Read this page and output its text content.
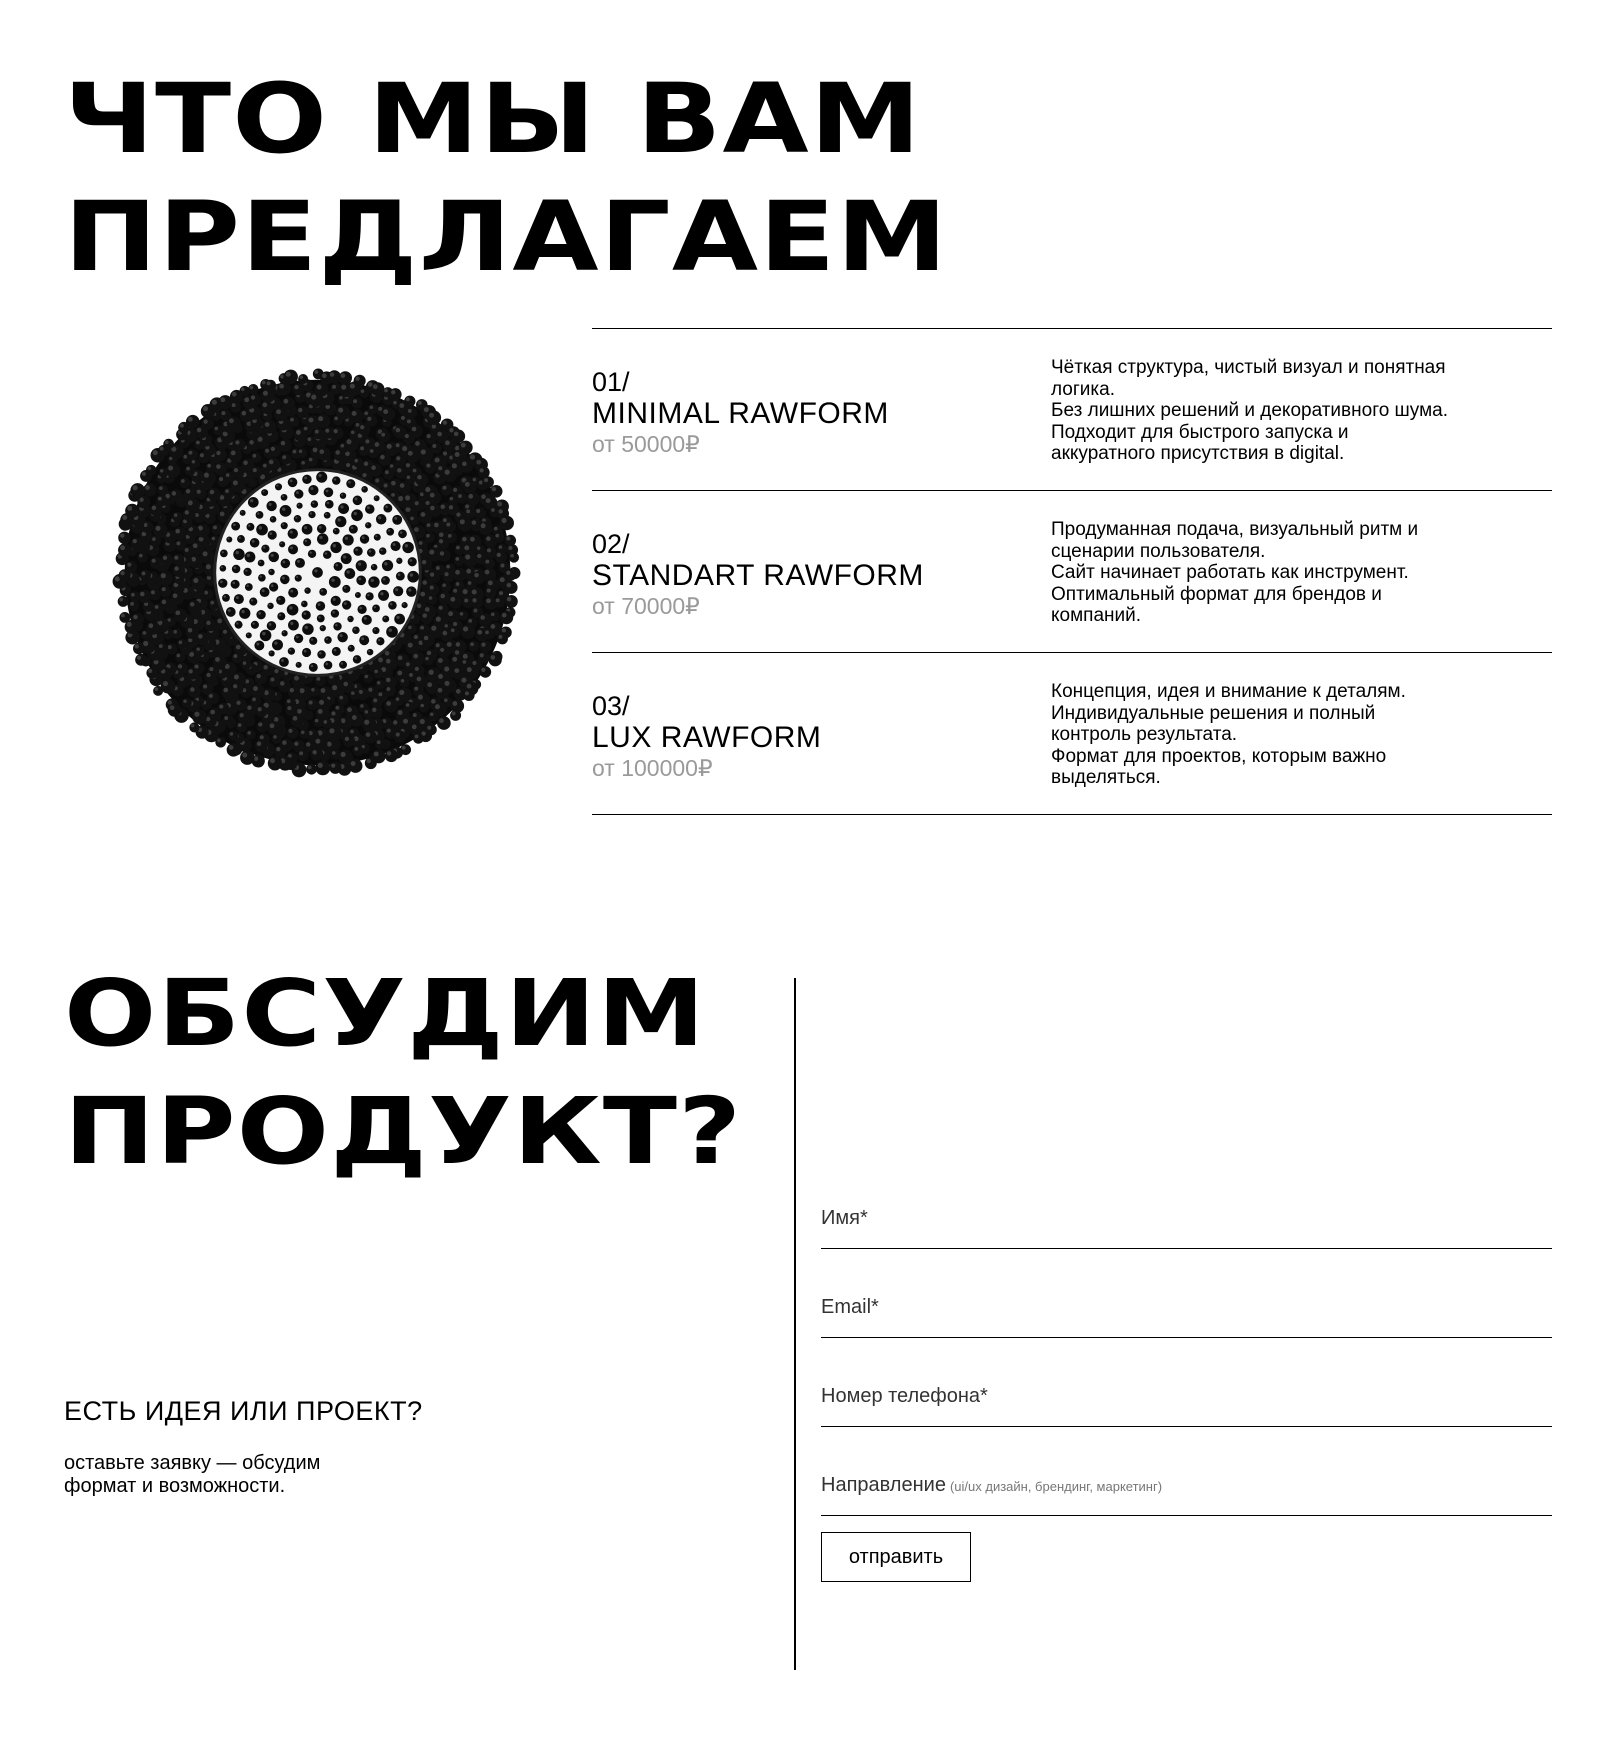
ЧТО МЫ ВАМ
ПРЕДЛАГАЕМ
01/
MINIMAL RAWFORM
от 50000₽
Чёткая структура, чистый визуал и понятная
логика.
Без лишних решений и декоративного шума.
Подходит для быстрого запуска и
аккуратного присутствия в digital.
02/
STANDART RAWFORM
от 70000₽
Продуманная подача, визуальный ритм и
сценарии пользователя.
Сайт начинает работать как инструмент.
Оптимальный формат для брендов и
компаний.
03/
LUX RAWFORM
от 100000₽
Концепция, идея и внимание к деталям.
Индивидуальные решения и полный
контроль результата.
Формат для проектов, которым важно
выделяться.
ОБСУДИМ
ПРОДУКТ?
ЕСТЬ ИДЕЯ ИЛИ ПРОЕКТ?
оставьте заявку — обсудим
формат и возможности.
Имя*
Email*
Номер телефона*
Направление (ui/ux дизайн, брендинг, маркетинг)
отправить
